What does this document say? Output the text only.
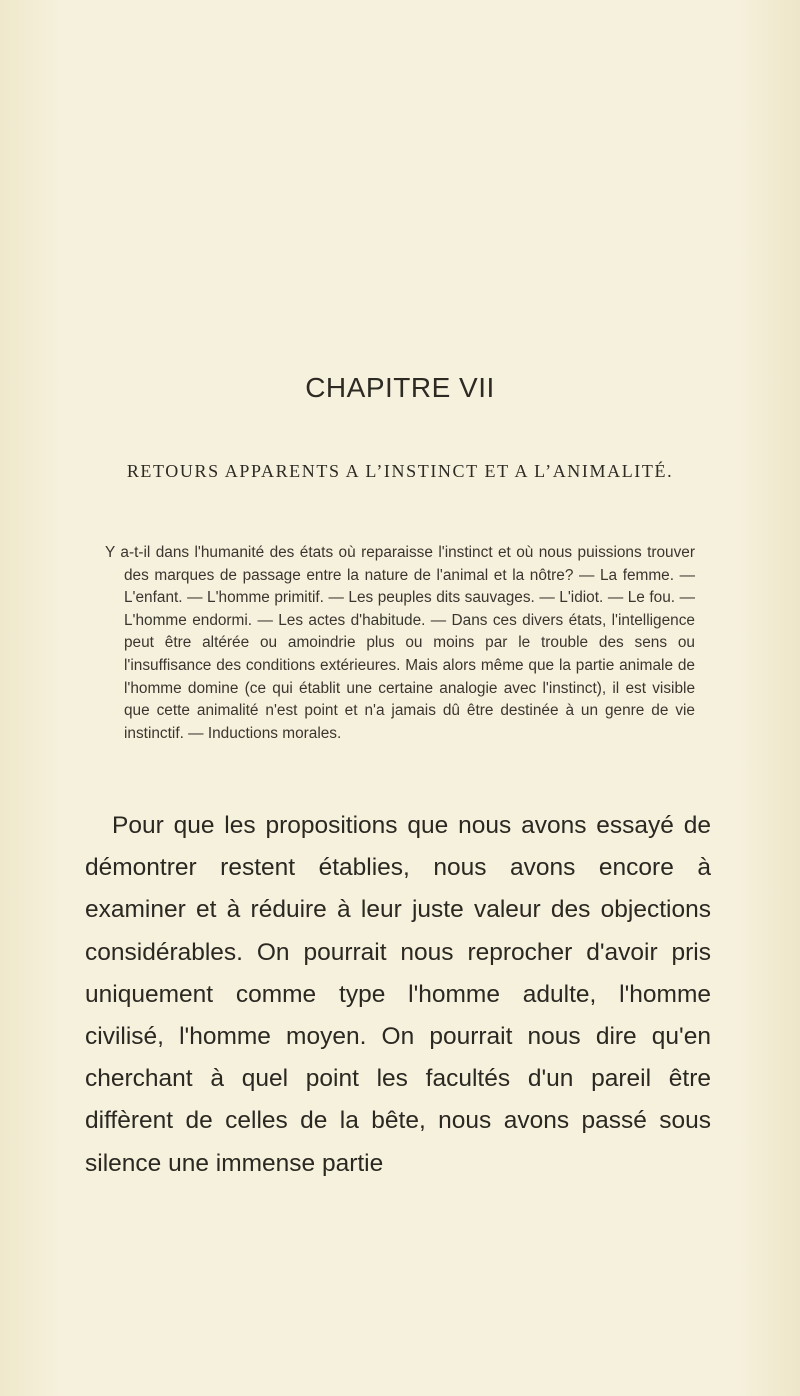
CHAPITRE VII
RETOURS APPARENTS A L’INSTINCT ET A L’ANIMALITÉ.

Y a-t-il dans l'humanité des états où reparaisse l'instinct et où nous puissions trouver des marques de passage entre la nature de l'animal et la nôtre? — La femme. — L'enfant. — L'homme primitif. — Les peuples dits sauvages. — L'idiot. — Le fou. — L'homme endormi. — Les actes d'habitude. — Dans ces divers états, l'intelligence peut être altérée ou amoindrie plus ou moins par le trouble des sens ou l'insuffisance des conditions extérieures. Mais alors même que la partie animale de l'homme domine (ce qui établit une certaine analogie avec l'instinct), il est visible que cette animalité n'est point et n'a jamais dû être destinée à un genre de vie instinctif. — Inductions morales.

Pour que les propositions que nous avons essayé de démontrer restent établies, nous avons encore à examiner et à réduire à leur juste valeur des objections considérables. On pourrait nous reprocher d'avoir pris uniquement comme type l'homme adulte, l'homme civilisé, l'homme moyen. On pourrait nous dire qu'en cherchant à quel point les facultés d'un pareil être diffèrent de celles de la bête, nous avons passé sous silence une immense partie
